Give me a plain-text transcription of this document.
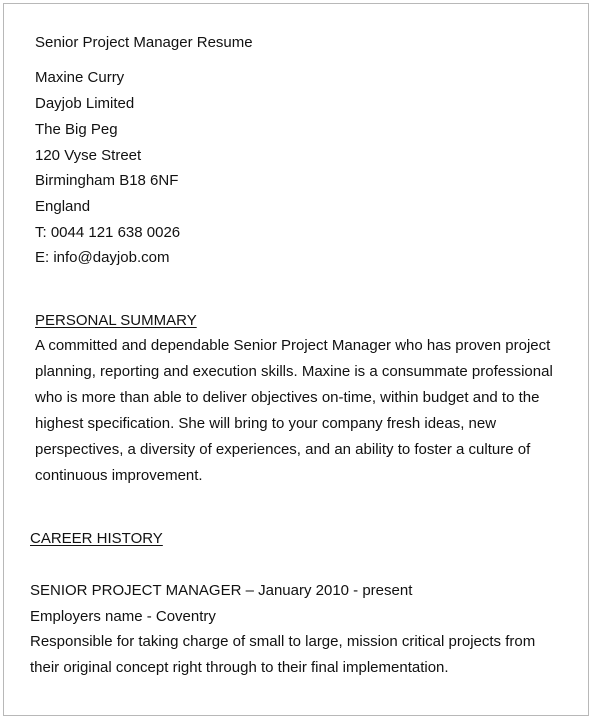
Senior Project Manager Resume
Maxine Curry
Dayjob Limited
The Big Peg
120 Vyse Street
Birmingham B18 6NF
England
T: 0044 121 638 0026
E: info@dayjob.com
PERSONAL SUMMARY
A committed and dependable Senior Project Manager who has proven project
planning, reporting and execution skills. Maxine is a consummate professional
who is more than able to deliver objectives on-time, within budget and to the
highest specification. She will bring to your company fresh ideas, new
perspectives, a diversity of experiences, and an ability to foster a culture of
continuous improvement.
CAREER HISTORY
SENIOR PROJECT MANAGER – January 2010 - present
Employers name - Coventry
Responsible for taking charge of small to large, mission critical projects from
their original concept right through to their final implementation.
